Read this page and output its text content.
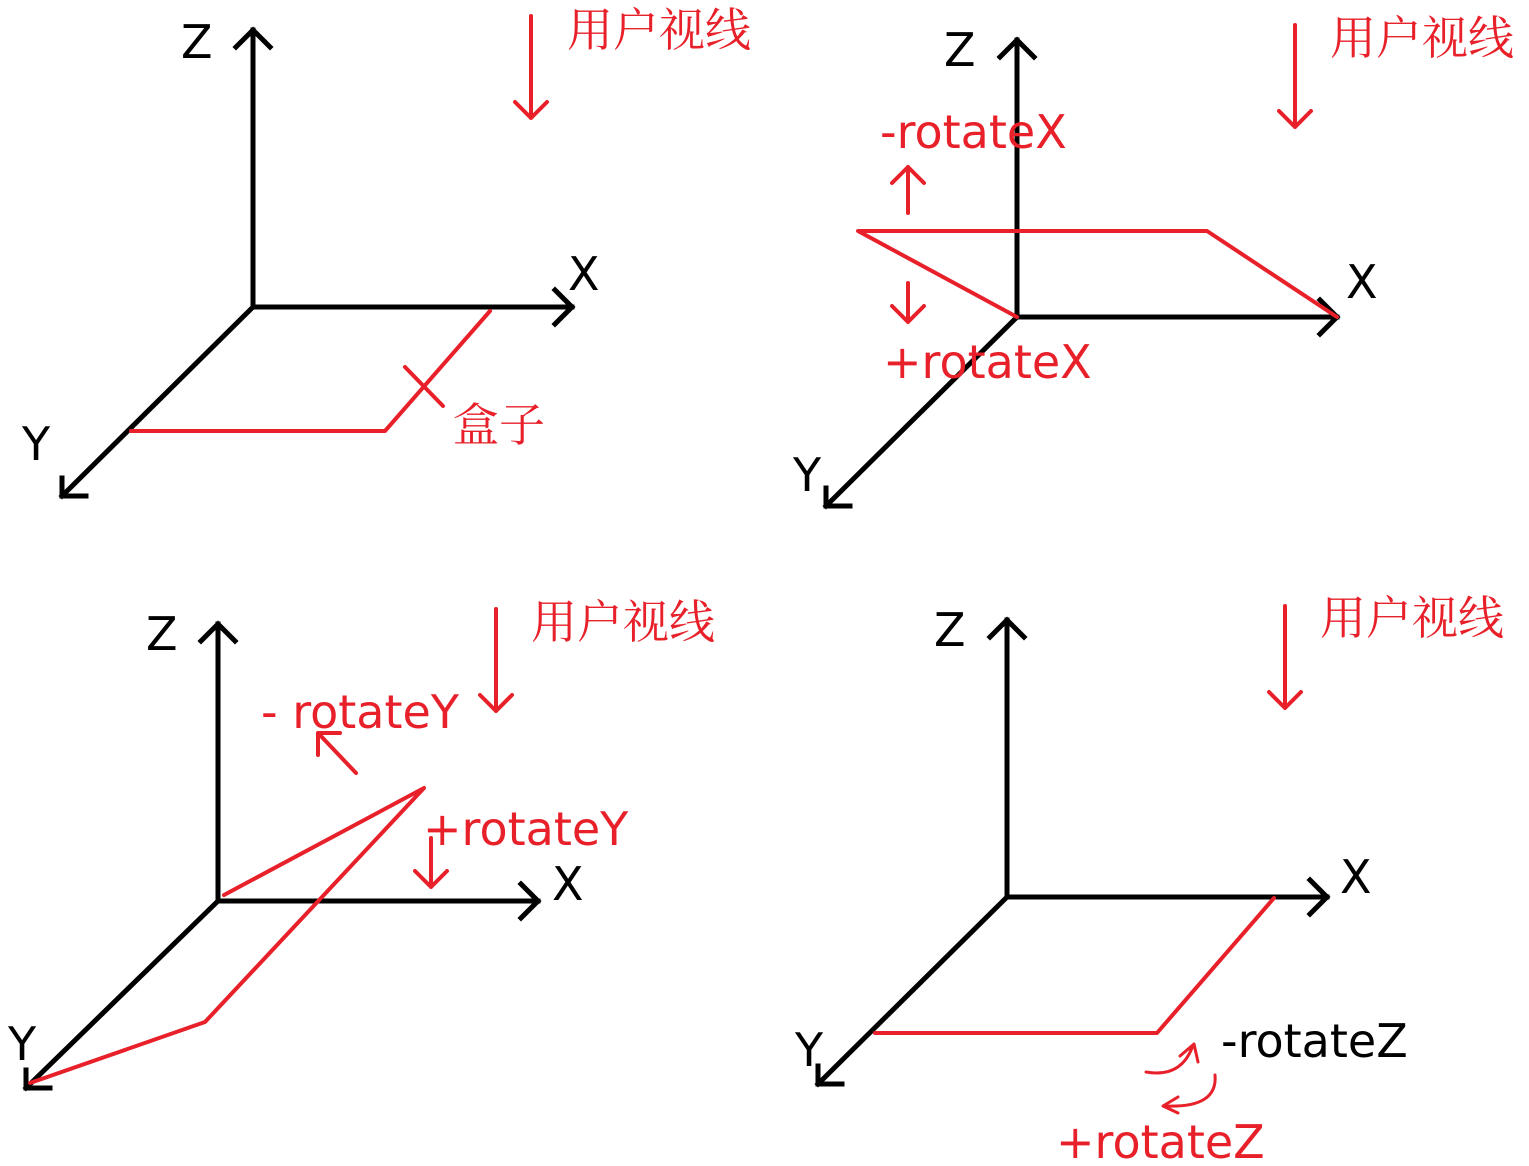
Z
X
Y	盒子
用户视线	Z
X
Y
-rotateX
+rotateX
用户视线
Z
X
Y
- rotateY
+rotateY
用户视线	Z
X
Y	-rotateZ
+rotateZ
用户视线
